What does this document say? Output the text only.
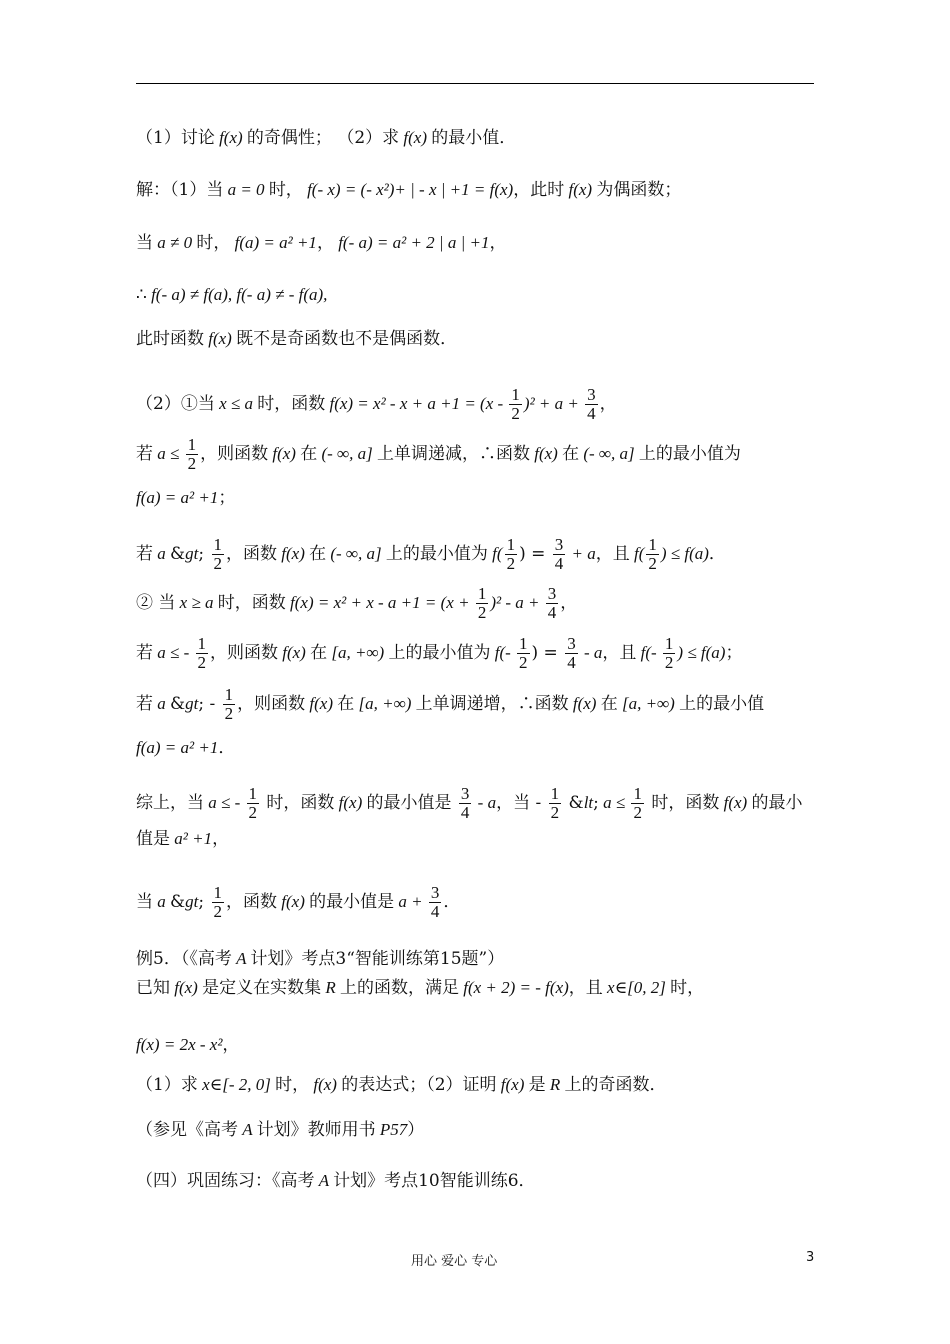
（1）讨论 f(x) 的奇偶性； （2）求 f(x) 的最小值．
解：（1）当 a = 0 时， f(- x) = (- x²)+ | - x | +1 = f(x)，此时 f(x) 为偶函数；
当 a ≠ 0 时， f(a) = a² +1， f(- a) = a² + 2 | a | +1，
∴ f(- a) ≠ f(a), f(- a) ≠ - f(a),
此时函数 f(x) 既不是奇函数也不是偶函数．
（2）①当 x ≤ a 时，函数 $f(x) = x^2 - x + a +1 = (x - \frac{1}{2} )^2 + a + \frac{3}{4}$ ，
若 $a \le \frac{1}{2}$ ，则函数 f(x) 在 (- ∞, a] 上单调递减，∴函数 f(x) 在 (- ∞, a] 上的最小值为
f(a) = a² +1；
若 a &gt; $\frac{1}{2}$ ，函数 f(x) 在 (- ∞, a] 上的最小值为 $f( \frac{1}{2}$ ) = $\frac{3}{4} + a$，且 $f( \frac{1}{2}$ ) ≤ f(a)．
② 当 x ≥ a 时，函数 $f(x) = x^2 + x - a +1 = (x + \frac{1}{2} )^2 - a + \frac{3}{4}$ ，
若 a ≤ - $\frac{1}{2}$ ，则函数 f(x) 在 [a, +∞) 上的最小值为 $f(- \frac{1}{2}$ ) = $\frac{3}{4}$ - a，且 $f(- \frac{1}{2}$ ) ≤ f(a)；
若 a &gt; - $\frac{1}{2}$ ，则函数 f(x) 在 [a, +∞) 上单调递增，∴函数 f(x) 在 [a, +∞) 上的最小值
f(a) = a² +1．
综上，当 a ≤ - $\frac{1}{2}$ 时，函数 f(x) 的最小值是 $\frac{3}{4}$ - a，当 - $\frac{1}{2}$ &lt; $a \le \frac{1}{2}$ 时，函数 f(x) 的最小
值是 a² +1，
当 a &gt; $\frac{1}{2}$ ，函数 f(x) 的最小值是 $a + \frac{3}{4}$ ．
例5．（《高考 A 计划》考点3“智能训练第15题”）
已知 f(x) 是定义在实数集 R 上的函数，满足 f(x + 2) = - f(x)，且 x∈[0, 2] 时，
f(x) = 2x - x²，
（1）求 x∈[- 2, 0] 时， f(x) 的表达式；（2）证明 f(x) 是 R 上的奇函数．
（参见《高考 A 计划》教师用书 P57）
（四）巩固练习：《高考 A 计划》考点10智能训练6．
用心 爱心 专心	3
